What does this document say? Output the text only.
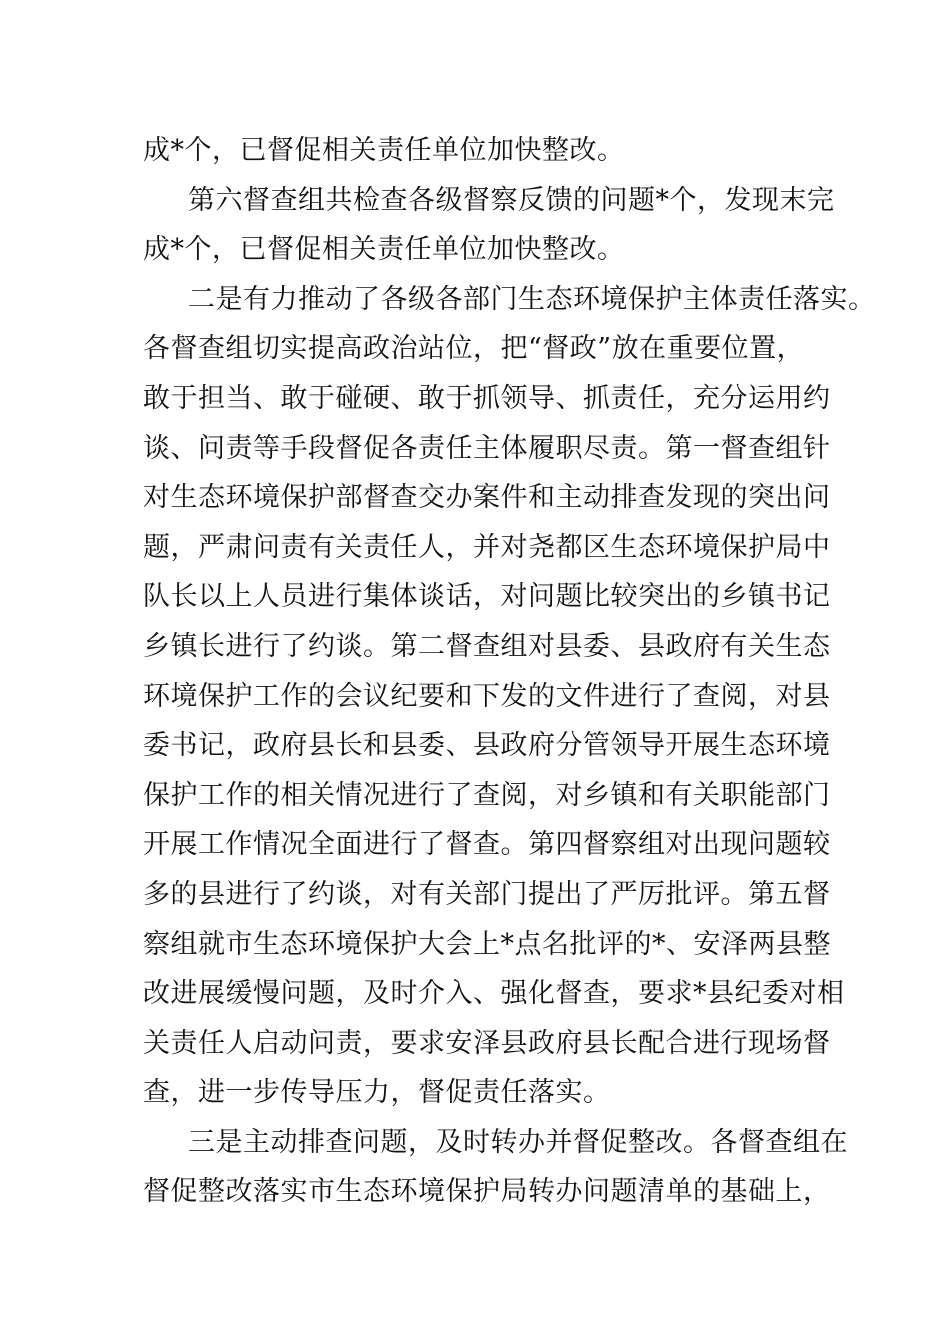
成*个，已督促相关责任单位加快整改。
第六督查组共检查各级督察反馈的问题*个，发现末完
成*个，已督促相关责任单位加快整改。
二是有力推动了各级各部门生态环境保护主体责任落实。
各督查组切实提高政治站位，把“督政”放在重要位置，
敢于担当、敢于碰硬、敢于抓领导、抓责任，充分运用约
谈、问责等手段督促各责任主体履职尽责。第一督查组针
对生态环境保护部督查交办案件和主动排查发现的突出问
题，严肃问责有关责任人，并对尧都区生态环境保护局中
队长以上人员进行集体谈话，对问题比较突出的乡镇书记
乡镇长进行了约谈。第二督查组对县委、县政府有关生态
环境保护工作的会议纪要和下发的文件进行了查阅，对县
委书记，政府县长和县委、县政府分管领导开展生态环境
保护工作的相关情况进行了查阅，对乡镇和有关职能部门
开展工作情况全面进行了督查。第四督察组对出现问题较
多的县进行了约谈，对有关部门提出了严厉批评。第五督
察组就市生态环境保护大会上*点名批评的*、安泽两县整
改进展缓慢问题，及时介入、强化督查，要求*县纪委对相
关责任人启动问责，要求安泽县政府县长配合进行现场督
查，进一步传导压力，督促责任落实。
三是主动排查问题，及时转办并督促整改。各督查组在
督促整改落实市生态环境保护局转办问题清单的基础上，
